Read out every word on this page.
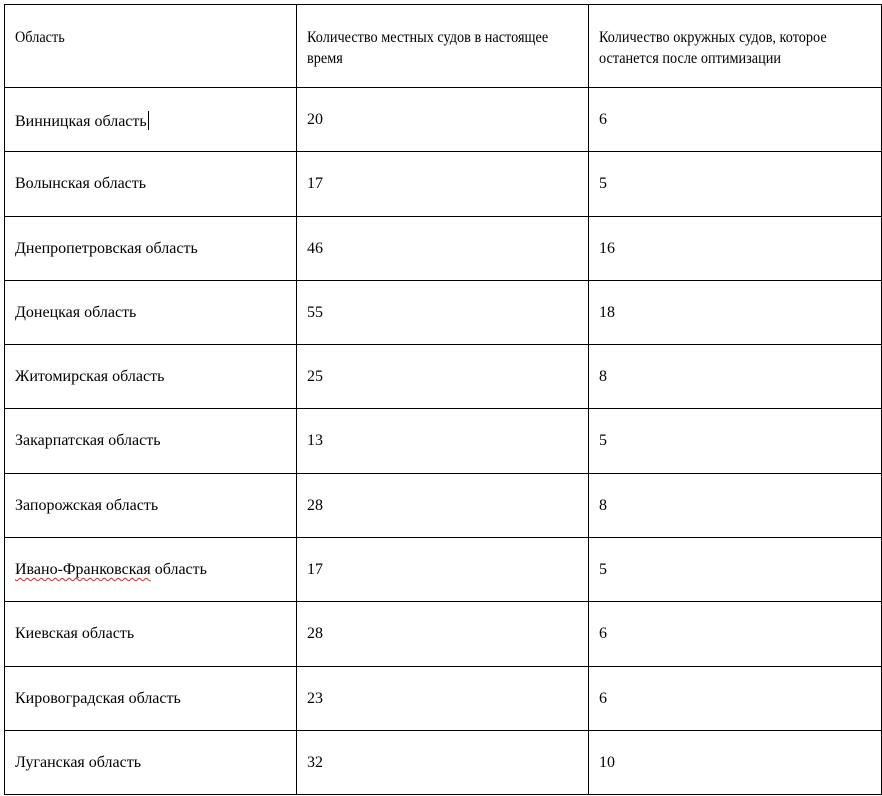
Область	Количество местных судов в настоящее время	Количество окружных судов, которое останется после оптимизации
Винницкая область	20	6
Волынская область	17	5
Днепропетровская область	46	16
Донецкая область	55	18
Житомирская область	25	8
Закарпатская область	13	5
Запорожская область	28	8
Ивано-Франковская область	17	5
Киевская область	28	6
Кировоградская область	23	6
Луганская область	32	10
